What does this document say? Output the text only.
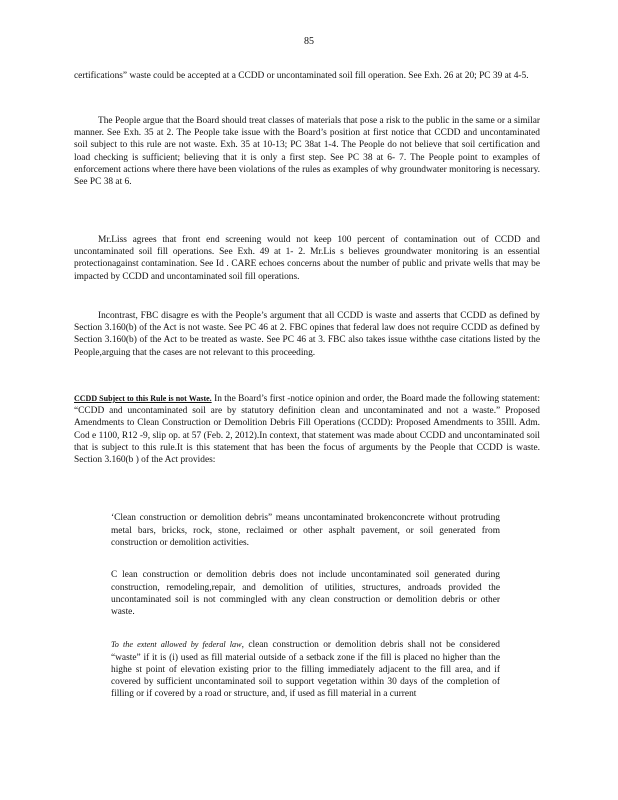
85

certifications” waste could be accepted at a CCDD or uncontaminated soil fill operation. See Exh. 26 at 20; PC 39 at 4-5.

The People argue that the Board should treat classes of materials that pose a risk to the public in the same or a similar manner. See Exh. 35 at 2. The People take issue with the Board’s position at first notice that CCDD and uncontaminated soil subject to this rule are not waste. Exh. 35 at 10-13; PC 38at 1-4. The People do not believe that soil certification and load checking is sufficient; believing that it is only a first step. See PC 38 at 6- 7. The People point to examples of enforcement actions where there have been violations of the rules as examples of why groundwater monitoring is necessary. See PC 38 at 6.

Mr.Liss agrees that front end screening would not keep 100 percent of contamination out of CCDD and uncontaminated soil fill operations. See Exh. 49 at 1- 2. Mr.Lis s believes groundwater monitoring is an essential protectionagainst contamination. See Id . CARE echoes concerns about the number of public and private wells that may be impacted by CCDD and uncontaminated soil fill operations.

Incontrast, FBC disagre es with the People’s argument that all CCDD is waste and asserts that CCDD as defined by Section 3.160(b) of the Act is not waste. See PC 46 at 2. FBC opines that federal law does not require CCDD as defined by Section 3.160(b) of the Act to be treated as waste. See PC 46 at 3. FBC also takes issue withthe case citations listed by the People,arguing that the cases are not relevant to this proceeding.

CCDD Subject to this Rule is not Waste. In the Board’s first -notice opinion and order, the Board made the following statement: “CCDD and uncontaminated soil are by statutory definition clean and uncontaminated and not a waste.” Proposed Amendments to Clean Construction or Demolition Debris Fill Operations (CCDD): Proposed Amendments to 35Ill. Adm. Cod e 1100, R12 -9, slip op. at 57 (Feb. 2, 2012).In context, that statement was made about CCDD and uncontaminated soil that is subject to this rule.It is this statement that has been the focus of arguments by the People that CCDD is waste. Section 3.160(b ) of the Act provides:

‘Clean construction or demolition debris” means uncontaminated brokenconcrete without protruding metal bars, bricks, rock, stone, reclaimed or other asphalt pavement, or soil generated from construction or demolition activities.

C lean construction or demolition debris does not include uncontaminated soil generated during construction, remodeling,repair, and demolition of utilities, structures, androads provided the uncontaminated soil is not commingled with any clean construction or demolition debris or other waste.

To the extent allowed by federal law, clean construction or demolition debris shall not be considered “waste” if it is (i) used as fill material outside of a setback zone if the fill is placed no higher than the highe st point of elevation existing prior to the filling immediately adjacent to the fill area, and if covered by sufficient uncontaminated soil to support vegetation within 30 days of the completion of filling or if covered by a road or structure, and, if used as fill material in a current
